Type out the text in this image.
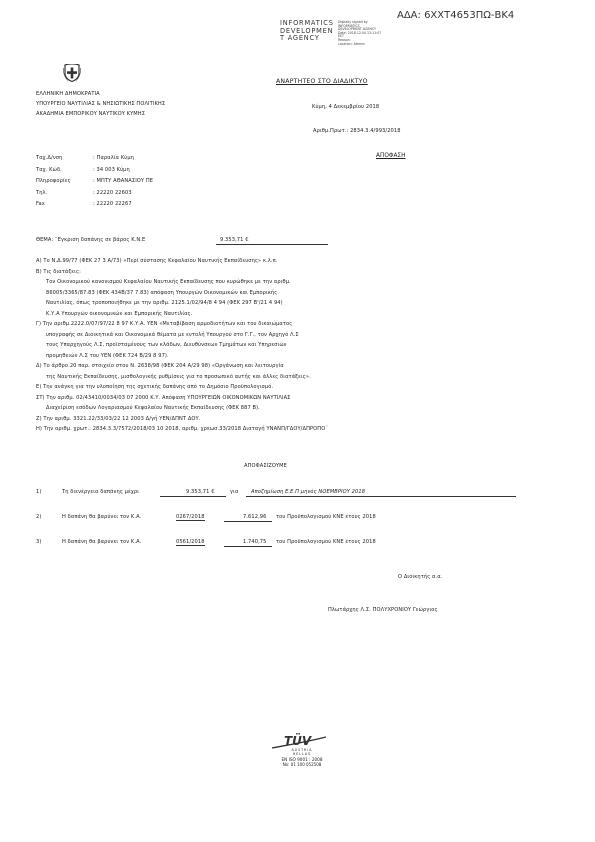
ΑΔΑ: 6ΧΧΤ4653ΠΩ-ΒΚ4
INFORMATICS
DEVELOPMEN
T AGENCY
Digitally signed by
INFORMATICS
DEVELOPMENT AGENCY
Date: 2018.12.04 13:11:07
EET
Reason:
Location: Athens
ΕΛΛΗΝΙΚΗ ΔΗΜΟΚΡΑΤΙΑ
ΥΠΟΥΡΓΕΙΟ ΝΑΥΤΙΛΙΑΣ & ΝΗΣΙΩΤΙΚΗΣ ΠΟΛΙΤΙΚΗΣ
ΑΚΑΔΗΜΙΑ ΕΜΠΟΡΙΚΟΥ ΝΑΥΤΙΚΟΥ ΚΥΜΗΣ
ΑΝΑΡΤΗΤΕΟ ΣΤΟ ΔΙΑΔΙΚΤΥΟ
Κύμη, 4 Δεκεμβρίου 2018
Αριθμ.Πρωτ.: 2834.3.4/993/2018
Ταχ.Δ/νση	: Παραλία Κύμη
Ταχ. Κώδ.	: 34 003 Κύμη
Πληροφορίες	: ΜΠΤΥ ΑΘΑΝΑΣΙΟΥ ΠΕ
Τηλ.	: 22220 22603
Fax	: 22220 22267
ΑΠΟΦΑΣΗ
ΘΕΜΑ: ¨Εγκριση δαπάνης σε βάρος Κ.Ν.Ε	9.353,71 €
Α) Το Ν.Δ.99/77 (ΦΕΚ 27 3 Α/73) «Περί σύστασης Κεφαλαίου Ναυτικής Εκπαίδευσης» κ.λ.π.
Β) Τις διατάξεις:
Τον Οικονομικού κανονισμού Κεφαλαίου Ναυτικής Εκπαίδευσης που κυρώθηκε με την αριθμ.
86005/3365/87.83 (ΦΕΚ 434Β/37 7.83) απόφαση Υπουργών Οικονομικών και Εμπορικής
Ναυτιλίας, όπως τροποποιήθηκε με την αριθμ. 2125.1/02/94/8 4 94 (ΦΕΚ 297 Β'/21 4 94)
Κ.Υ.Α Υπουργών οικονομικών και Εμπορικής Ναυτιλίας.
Γ) Την αριθμ.2222.0/07/97/22 8 97 Κ.Υ.Α. ΥΕΝ «Μεταβίβαση αρμοδιοτήτων και του δικαιώματος
υπογραφής σε Διοικητικά και Οικονομικά θέματα με εντολή Υπουργού στο Γ.Γ., τον Αρχηγό Λ.Σ
τους Υπαρχηγούς Λ.Σ, προϊσταμένους των κλάδων, Διευθύνσεων Τμημάτων και Υπηρεσιών
προμηθειών Λ.Σ του ΥΕΝ (ΦΕΚ 724 Β/29 8 97).
Δ) Το άρθρο 20 παρ. στοιχείο στου Ν. 2638/98 (ΦΕΚ 204 Α/29 98) «Οργάνωση και λειτουργία
της Ναυτικής Εκπαίδευσης, μισθολογικής ρυθμίσεις για το προσωπικό αυτής και άλλες διατάξεις».
Ε) Την ανάγκη για την υλοποίηση της σχετικής δαπάνης από το Δημόσιο Προϋπολογισμό.
ΣΤ) Την αριθμ. 02/43410/0034/03 07 2000 Κ.Υ. Απόφαση ΥΠΟΥΡΓΕΙΩΝ ΟΙΚΟΝΟΜΙΚΩΝ ΝΑΥΤΙΛΙΑΣ
Διαχείριση εσόδων Λογαριασμού Κεφαλαίου Ναυτικής Εκπαίδευσης (ΦΕΚ 887 Β).
Ζ) Την αριθμ. 3321.22/33/03/22 12 2003 Δ/γή ΥΕΝ/ΔΠΝΤ ΔΟΥ.
Η) Την αριθμ. χρωτ.: 2834.3.3/7572/2018/03 10 2018, αριθμ. χρεωσ.33/2018 Διαταγή ΥΝΑΝΠ/ΓΔΟΥ/ΔΠΡΟΠΟ΄
ΑΠΟΦΑΣΙΖΟΥΜΕ
1)	Τη διενέργεια δαπάνης μέχρι	9.353,71 €	για Αποζημίωση Ε.Ε.Π μηνός ΝΟΕΜΒΡΙΟΥ 2018
2)	Η δαπάνη θα βαρύνει τον Κ.Α.	0267/2018	7.612,96 του Προϋπολογισμού ΚΝΕ έτους 2018
3)	Η δαπάνη θα βαρύνει τον Κ.Α.	0561/2018	1.740,75 του Προϋπολογισμού ΚΝΕ έτους 2018
Ο Διοικητής α.α.
Πλωτάρχης Λ.Σ. ΠΟΛΥΧΡΟΝΙΟΥ Γεώργιος
TÜV
AUSTRIA
HELLAS
EN ISO 9001 : 2008
No: 01 100 052508
